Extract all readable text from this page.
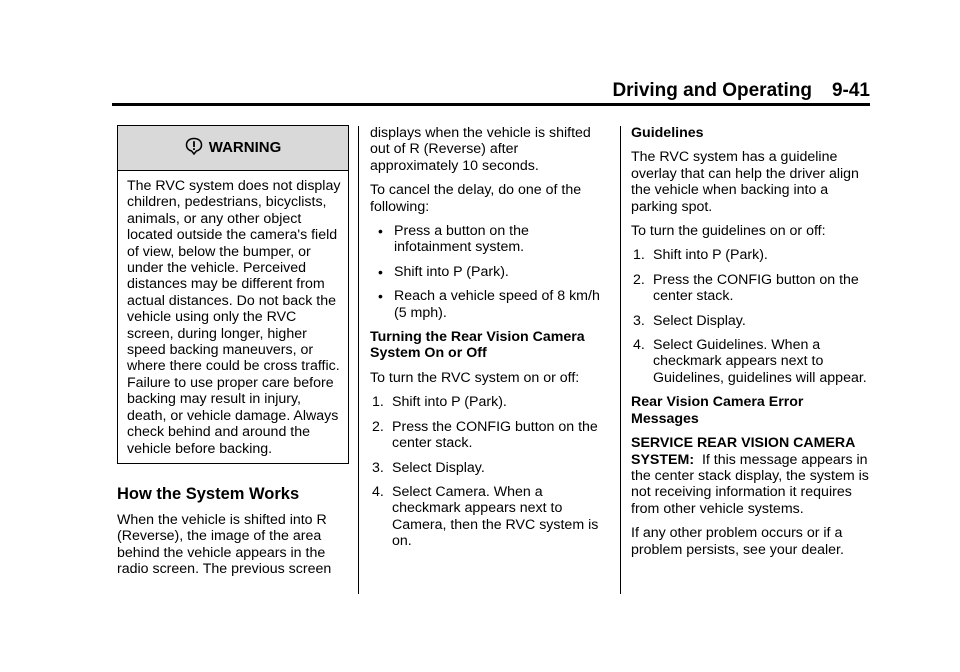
Driving and Operating 9-41
WARNING
The RVC system does not display children, pedestrians, bicyclists, animals, or any other object located outside the camera's field of view, below the bumper, or under the vehicle. Perceived distances may be different from actual distances. Do not back the vehicle using only the RVC screen, during longer, higher speed backing maneuvers, or where there could be cross traffic. Failure to use proper care before backing may result in injury, death, or vehicle damage. Always check behind and around the vehicle before backing.
How the System Works

When the vehicle is shifted into R (Reverse), the image of the area behind the vehicle appears in the radio screen. The previous screen

displays when the vehicle is shifted out of R (Reverse) after approximately 10 seconds.

To cancel the delay, do one of the following:

• Press a button on the infotainment system.
• Shift into P (Park).
• Reach a vehicle speed of 8 km/h (5 mph).

Turning the Rear Vision Camera System On or Off

To turn the RVC system on or off:

1. Shift into P (Park).
2. Press the CONFIG button on the center stack.
3. Select Display.
4. Select Camera. When a checkmark appears next to Camera, then the RVC system is on.

Guidelines

The RVC system has a guideline overlay that can help the driver align the vehicle when backing into a parking spot.

To turn the guidelines on or off:

1. Shift into P (Park).
2. Press the CONFIG button on the center stack.
3. Select Display.
4. Select Guidelines. When a checkmark appears next to Guidelines, guidelines will appear.

Rear Vision Camera Error Messages

SERVICE REAR VISION CAMERA SYSTEM: If this message appears in the center stack display, the system is not receiving information it requires from other vehicle systems.

If any other problem occurs or if a problem persists, see your dealer.
